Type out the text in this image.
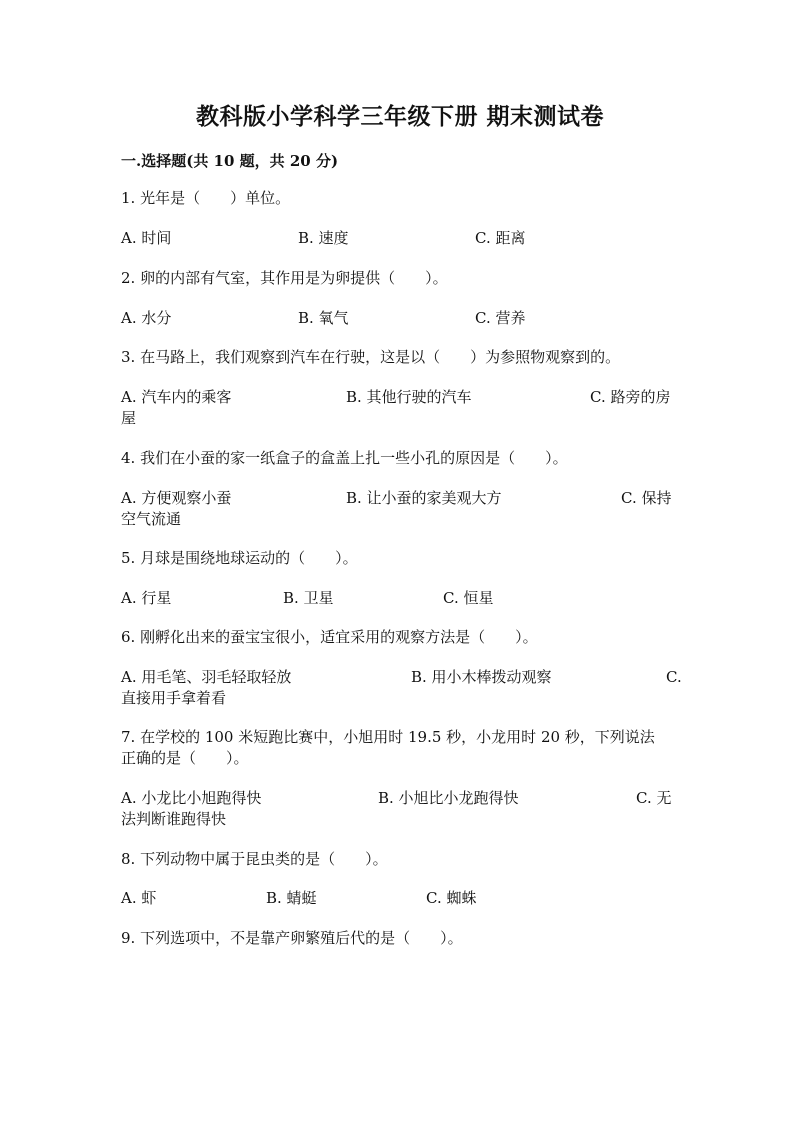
教科版小学科学三年级下册 期末测试卷
一.选择题(共 10 题，共 20 分)
1. 光年是（　　）单位。
A. 时间	B. 速度	C. 距离
2. 卵的内部有气室，其作用是为卵提供（　　）。
A. 水分	B. 氧气	C. 营养
3. 在马路上，我们观察到汽车在行驶，这是以（　　）为参照物观察到的。
A. 汽车内的乘客	B. 其他行驶的汽车	C. 路旁的房
屋
4. 我们在小蚕的家一纸盒子的盒盖上扎一些小孔的原因是（　　）。
A. 方便观察小蚕	B. 让小蚕的家美观大方	C. 保持
空气流通
5. 月球是围绕地球运动的（　　）。
A. 行星	B. 卫星	C. 恒星
6. 刚孵化出来的蚕宝宝很小，适宜采用的观察方法是（　　）。
A. 用毛笔、羽毛轻取轻放	B. 用小木棒拨动观察	C.
直接用手拿着看
7. 在学校的 100 米短跑比赛中，小旭用时 19.5 秒，小龙用时 20 秒，下列说法
正确的是（　　）。
A. 小龙比小旭跑得快	B. 小旭比小龙跑得快	C. 无
法判断谁跑得快
8. 下列动物中属于昆虫类的是（　　）。
A. 虾	B. 蜻蜓	C. 蜘蛛
9. 下列选项中，不是靠产卵繁殖后代的是（　　）。
